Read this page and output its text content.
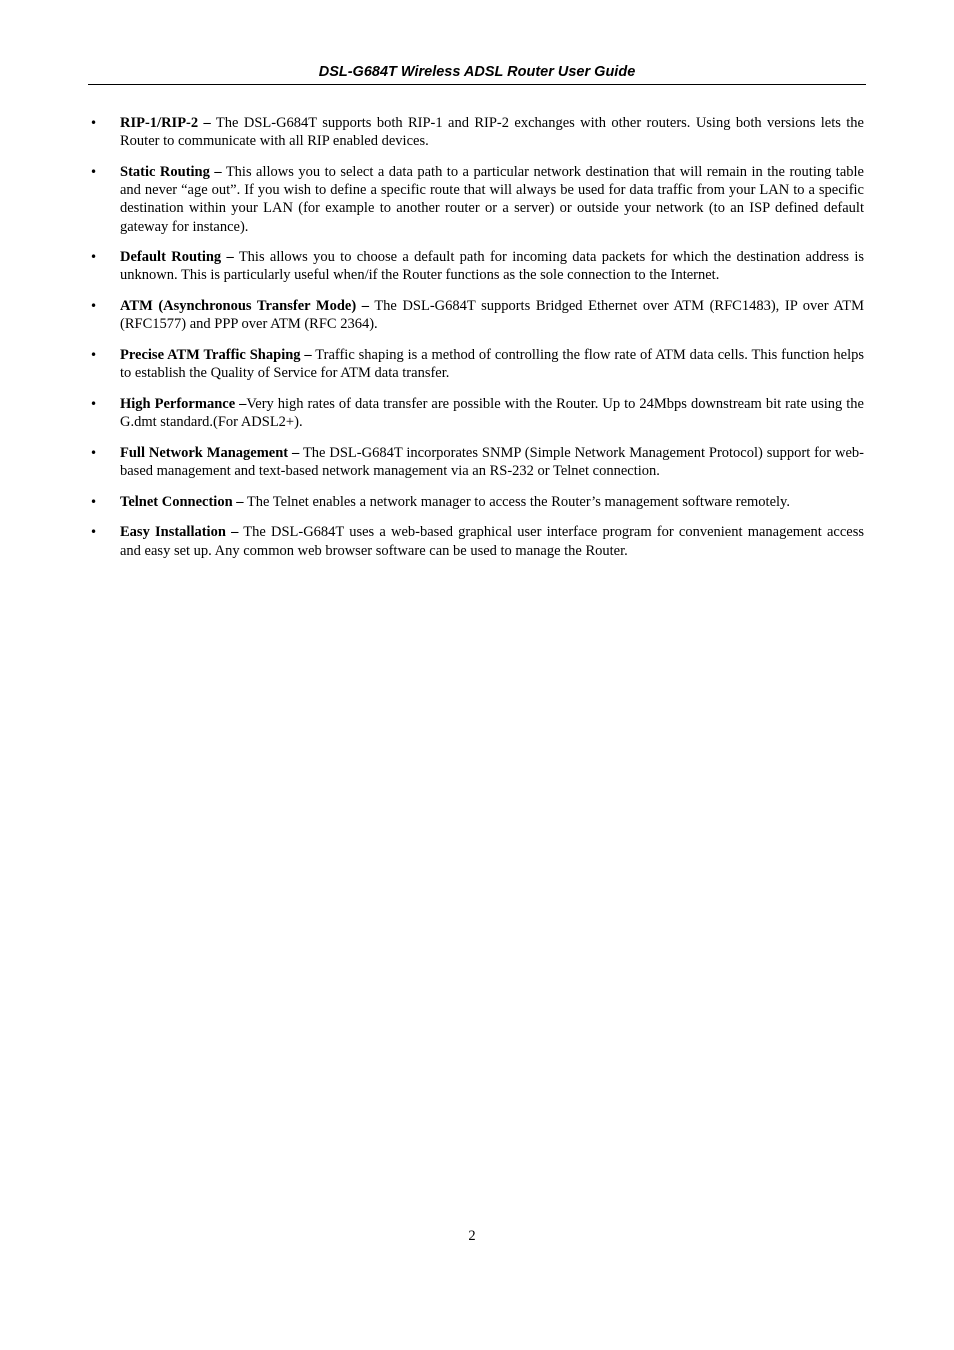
DSL-G684T Wireless ADSL Router User Guide
• RIP-1/RIP-2 – The DSL-G684T supports both RIP-1 and RIP-2 exchanges with other routers. Using both versions lets the Router to communicate with all RIP enabled devices.
• Static Routing – This allows you to select a data path to a particular network destination that will remain in the routing table and never “age out”. If you wish to define a specific route that will always be used for data traffic from your LAN to a specific destination within your LAN (for example to another router or a server) or outside your network (to an ISP defined default gateway for instance).
• Default Routing – This allows you to choose a default path for incoming data packets for which the destination address is unknown. This is particularly useful when/if the Router functions as the sole connection to the Internet.
• ATM (Asynchronous Transfer Mode) – The DSL-G684T supports Bridged Ethernet over ATM (RFC1483), IP over ATM (RFC1577) and PPP over ATM (RFC 2364).
• Precise ATM Traffic Shaping – Traffic shaping is a method of controlling the flow rate of ATM data cells. This function helps to establish the Quality of Service for ATM data transfer.
• High Performance –Very high rates of data transfer are possible with the Router. Up to 24Mbps downstream bit rate using the G.dmt standard.(For ADSL2+).
• Full Network Management – The DSL-G684T incorporates SNMP (Simple Network Management Protocol) support for web-based management and text-based network management via an RS-232 or Telnet connection.
• Telnet Connection – The Telnet enables a network manager to access the Router’s management software remotely.
• Easy Installation – The DSL-G684T uses a web-based graphical user interface program for convenient management access and easy set up. Any common web browser software can be used to manage the Router.
2
